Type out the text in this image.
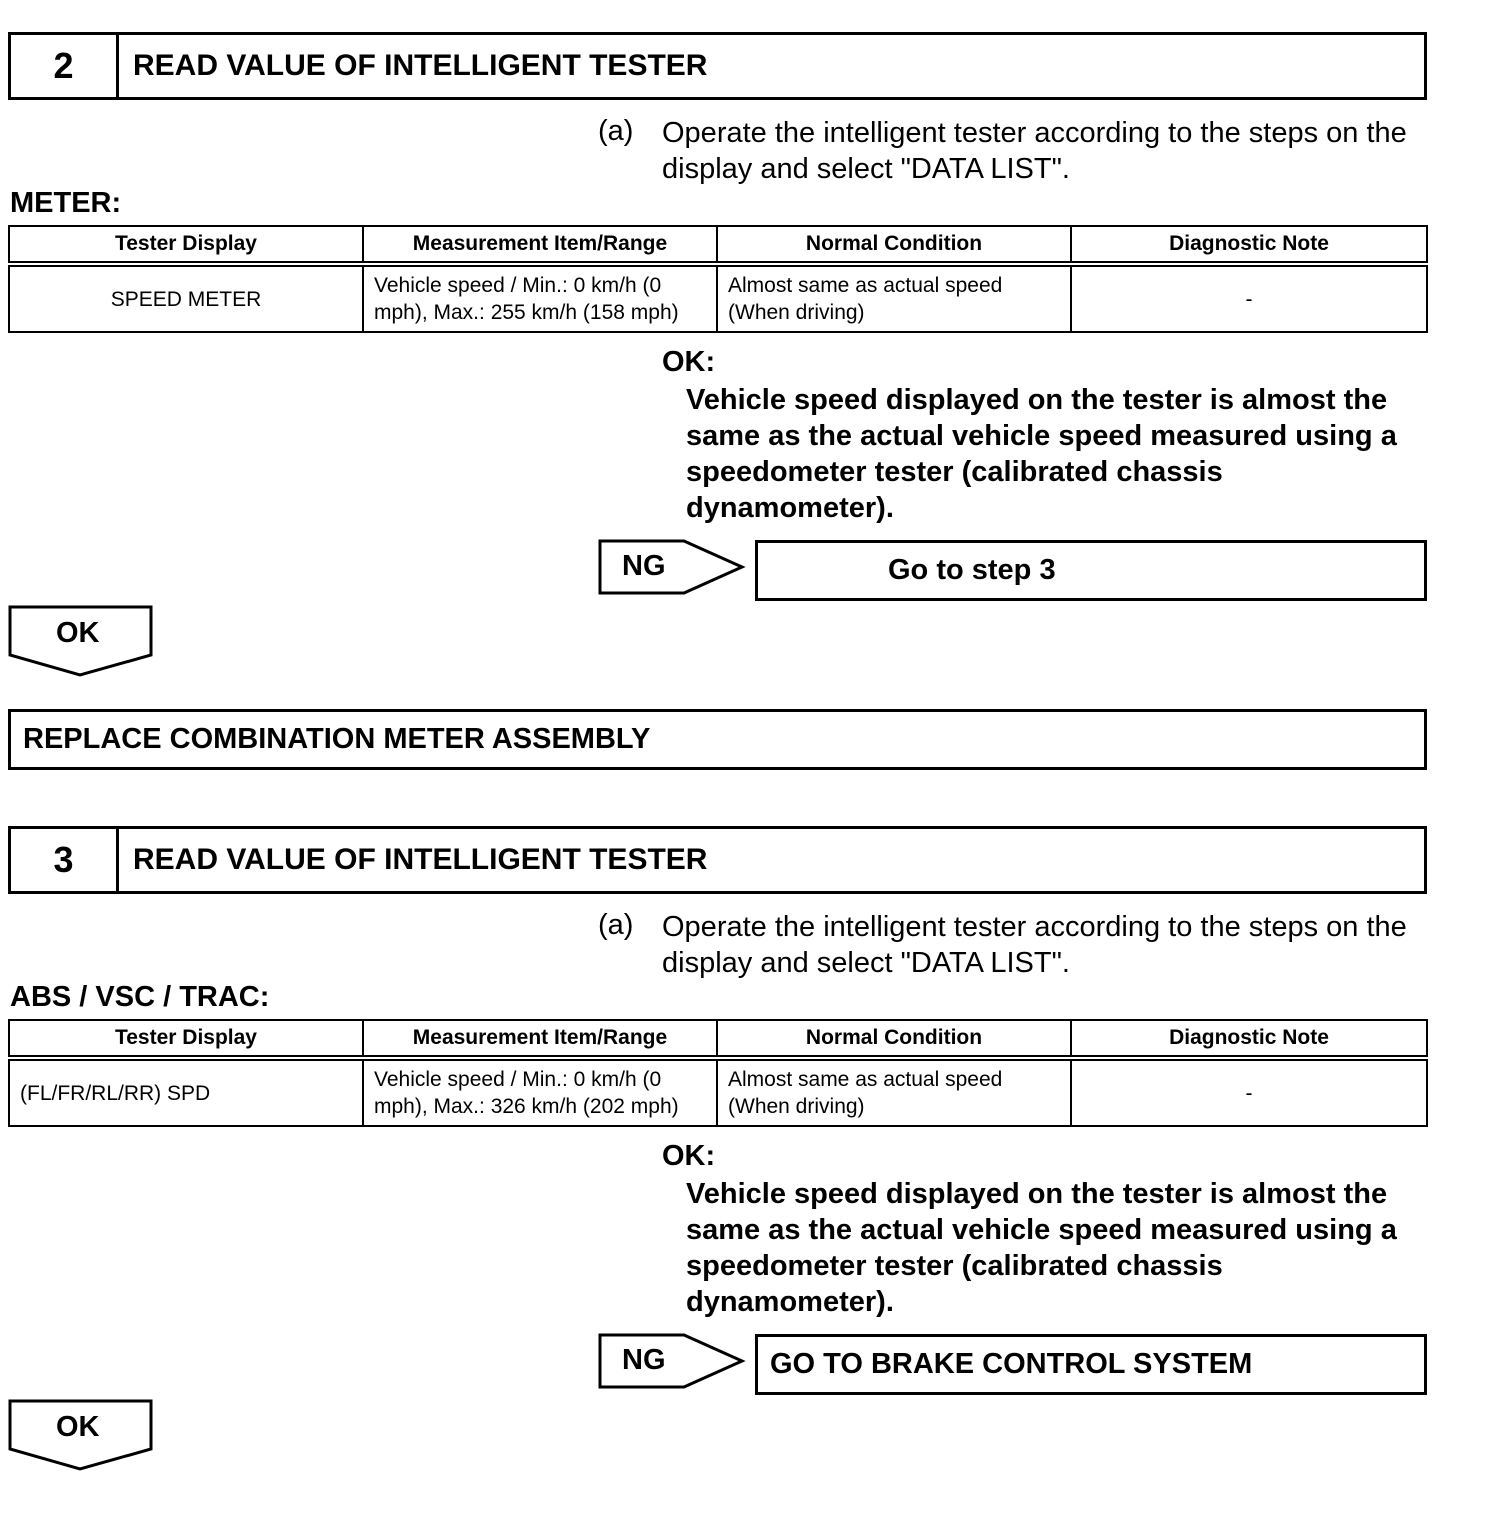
2	READ VALUE OF INTELLIGENT TESTER
(a) Operate the intelligent tester according to the steps on the display and select "DATA LIST".
METER:
Tester Display	Measurement Item/Range	Normal Condition	Diagnostic Note
SPEED METER	Vehicle speed / Min.: 0 km/h (0 mph), Max.: 255 km/h (158 mph)	Almost same as actual speed (When driving)	-
OK:
Vehicle speed displayed on the tester is almost the same as the actual vehicle speed measured using a speedometer tester (calibrated chassis dynamometer).
NG	Go to step 3
OK
REPLACE COMBINATION METER ASSEMBLY
3	READ VALUE OF INTELLIGENT TESTER
(a) Operate the intelligent tester according to the steps on the display and select "DATA LIST".
ABS / VSC / TRAC:
Tester Display	Measurement Item/Range	Normal Condition	Diagnostic Note
(FL/FR/RL/RR) SPD	Vehicle speed / Min.: 0 km/h (0 mph), Max.: 326 km/h (202 mph)	Almost same as actual speed (When driving)	-
OK:
Vehicle speed displayed on the tester is almost the same as the actual vehicle speed measured using a speedometer tester (calibrated chassis dynamometer).
NG	GO TO BRAKE CONTROL SYSTEM
OK
